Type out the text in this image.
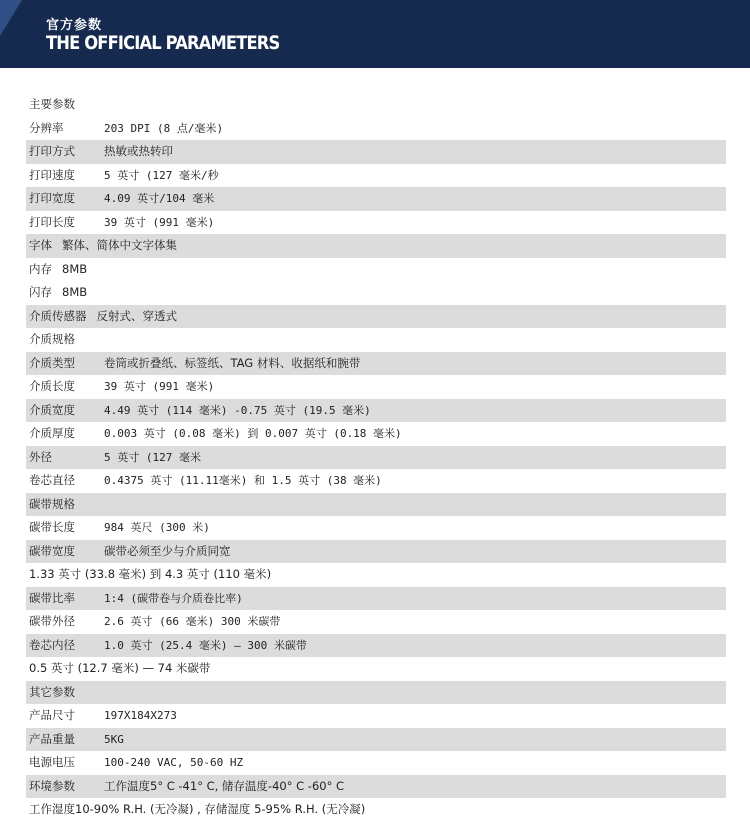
官方参数
THE OFFICIAL PARAMETERS
主要参数
分辨率	203 DPI (8 点/毫米)
打印方式	热敏或热转印
打印速度	5 英寸 (127 毫米/秒
打印宽度	4.09 英寸/104 毫米
打印长度	39 英寸 (991 毫米)
字体 繁体、简体中文字体集
内存 8MB
闪存 8MB
介质传感器 反射式、穿透式
介质规格
介质类型	卷筒或折叠纸、标签纸、TAG 材料、收据纸和腕带
介质长度	39 英寸 (991 毫米)
介质宽度	4.49 英寸 (114 毫米) -0.75 英寸 (19.5 毫米)
介质厚度	0.003 英寸 (0.08 毫米) 到 0.007 英寸 (0.18 毫米)
外径	5 英寸 (127 毫米
卷芯直径	0.4375 英寸 (11.11毫米) 和 1.5 英寸 (38 毫米)
碳带规格
碳带长度	984 英尺 (300 米)
碳带宽度	碳带必须至少与介质同宽
1.33 英寸 (33.8 毫米) 到 4.3 英寸 (110 毫米)
碳带比率	1:4 (碳带卷与介质卷比率)
碳带外径	2.6 英寸 (66 毫米) 300 米碳带
卷芯内径	1.0 英寸 (25.4 毫米) — 300 米碳带
0.5 英寸 (12.7 毫米) — 74 米碳带
其它参数
产品尺寸	197X184X273
产品重量	5KG
电源电压	100-240 VAC, 50-60 HZ
环境参数	工作温度5° C -41° C, 储存温度-40° C -60° C
工作湿度10-90% R.H. (无冷凝) , 存储湿度 5-95% R.H. (无冷凝)
